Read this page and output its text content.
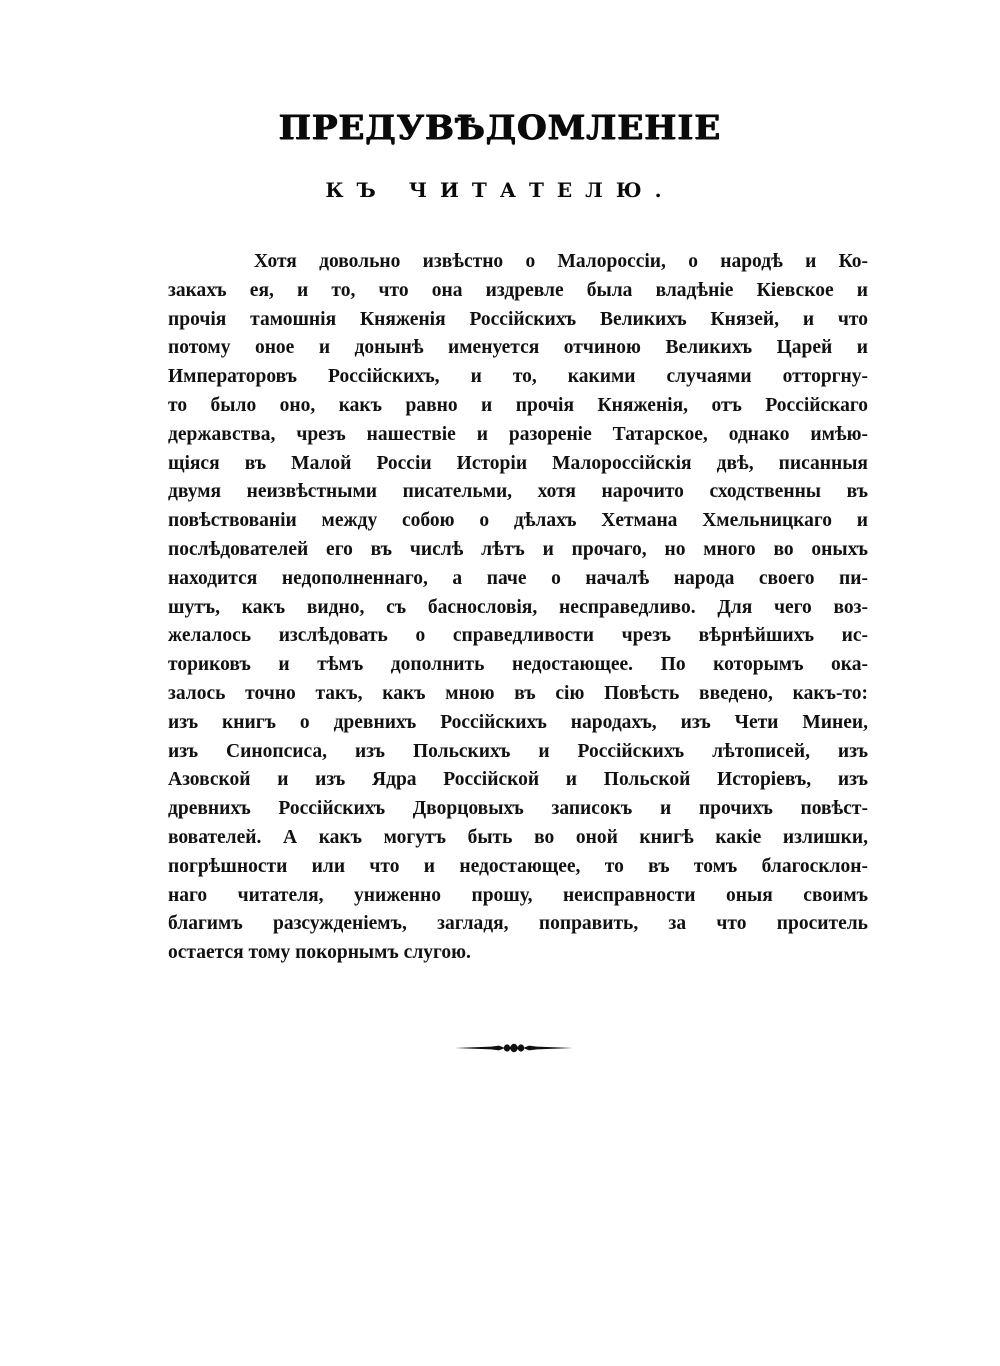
ПРЕДУВѢДОМЛЕНІЕ
КЪ ЧИТАТЕЛЮ.
Хотя довольно извѣстно о Малороссіи, о народѣ и Ко-
закахъ ея, и то, что она издревле была владѣніе Кіевское и
прочія тамошнія Княженія Россійскихъ Великихъ Князей, и что
потому оное и донынѣ именуется отчиною Великихъ Царей и
Императоровъ Россійскихъ, и то, какими случаями отторгну-
то было оно, какъ равно и прочія Княженія, отъ Россійскаго
державства, чрезъ нашествіе и разореніе Татарское, однако имѣю-
щіяся въ Малой Россіи Исторіи Малороссійскія двѣ, писанныя
двумя неизвѣстными писательми, хотя нарочито сходственны въ
повѣствованіи между собою о дѣлахъ Хетмана Хмельницкаго и
послѣдователей его въ числѣ лѣтъ и прочаго, но много во оныхъ
находится недополненнаго, а паче о началѣ народа своего пи-
шутъ, какъ видно, съ баснословія, несправедливо. Для чего воз-
желалось изслѣдовать о справедливости чрезъ вѣрнѣйшихъ ис-
ториковъ и тѣмъ дополнить недостающее. По которымъ ока-
залось точно такъ, какъ мною въ сію Повѣсть введено, какъ-то:
изъ книгъ о древнихъ Россійскихъ народахъ, изъ Чети Минеи,
изъ Синопсиса, изъ Польскихъ и Россійскихъ лѣтописей, изъ
Азовской и изъ Ядра Россійской и Польской Исторіевъ, изъ
древнихъ Россійскихъ Дворцовыхъ записокъ и прочихъ повѣст-
вователей. А какъ могутъ быть во оной книгѣ какіе излишки,
погрѣшности или что и недостающее, то въ томъ благосклон-
наго читателя, униженно прошу, неисправности оныя своимъ
благимъ разсужденіемъ, загладя, поправить, за что проситель
остается тому покорнымъ слугою.
